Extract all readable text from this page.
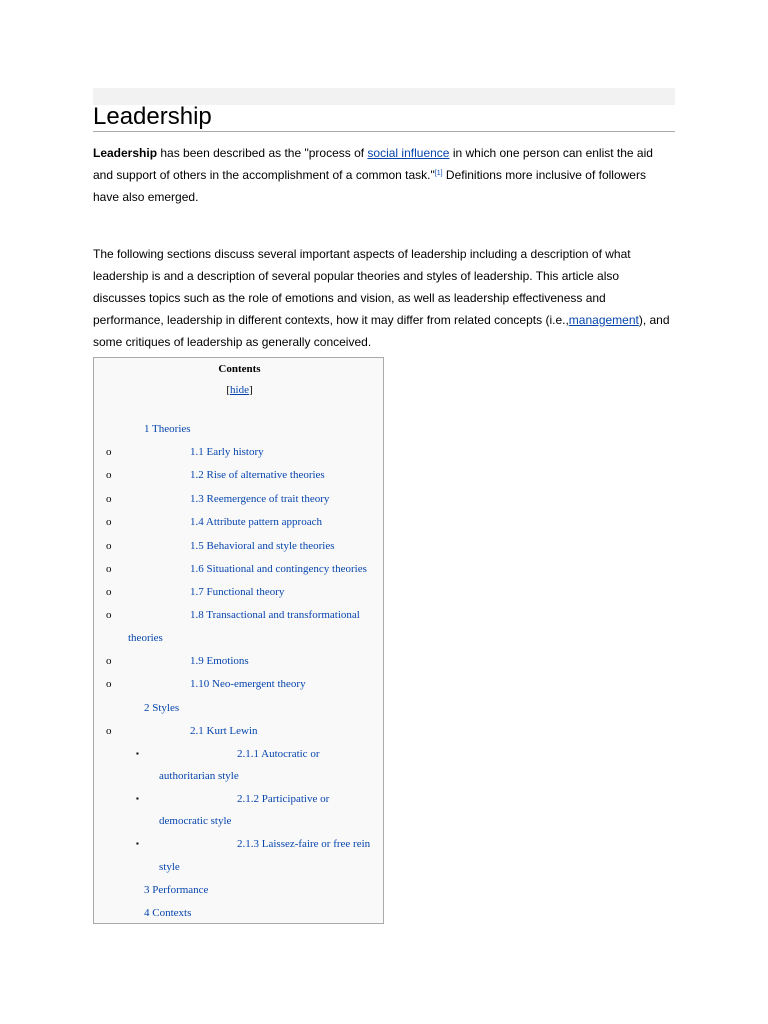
Leadership

Leadership has been described as the "process of social influence in which one person can enlist the aid and support of others in the accomplishment of a common task."[1] Definitions more inclusive of followers have also emerged.

The following sections discuss several important aspects of leadership including a description of what leadership is and a description of several popular theories and styles of leadership. This article also discusses topics such as the role of emotions and vision, as well as leadership effectiveness and performance, leadership in different contexts, how it may differ from related concepts (i.e.,management), and some critiques of leadership as generally conceived.

Contents
[hide]
o
o
o
o
o
o
o
o
o
o
o
▪
▪
▪
1 Theories
1.1 Early history
1.2 Rise of alternative theories
1.3 Reemergence of trait theory
1.4 Attribute pattern approach
1.5 Behavioral and style theories
1.6 Situational and contingency theories
1.7 Functional theory
1.8 Transactional and transformational
theories
1.9 Emotions
1.10 Neo-emergent theory
2 Styles
2.1 Kurt Lewin
2.1.1 Autocratic or
authoritarian style
2.1.2 Participative or
democratic style
2.1.3 Laissez-faire or free rein
style
3 Performance
4 Contexts
